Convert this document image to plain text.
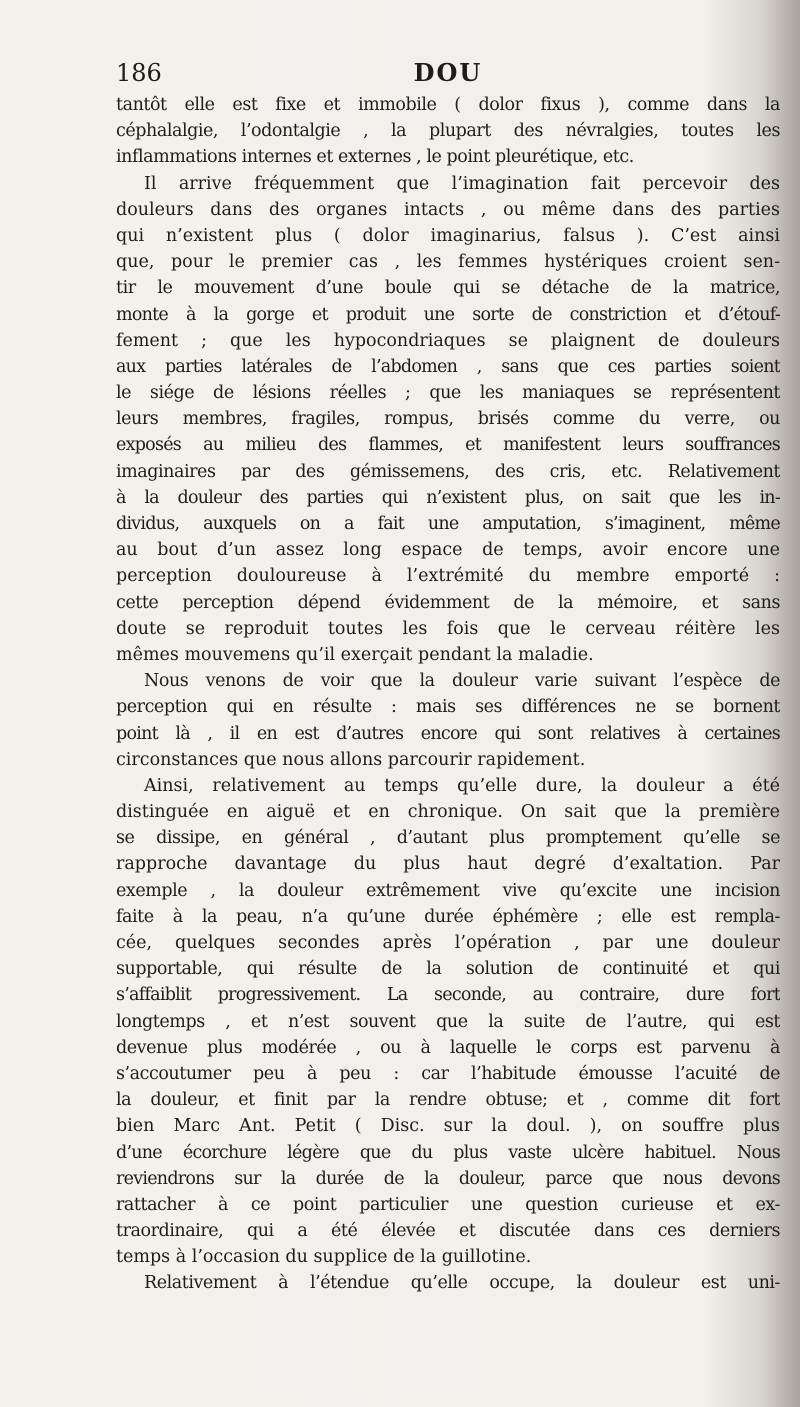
186	DOU
tantôt elle est fixe et immobile ( dolor fixus ), comme dans la
céphalalgie, l’odontalgie , la plupart des névralgies, toutes les
inflammations internes et externes , le point pleurétique, etc.
Il arrive fréquemment que l’imagination fait percevoir des
douleurs dans des organes intacts , ou même dans des parties
qui n’existent plus ( dolor imaginarius, falsus ). C’est ainsi
que, pour le premier cas , les femmes hystériques croient sen-
tir le mouvement d’une boule qui se détache de la matrice,
monte à la gorge et produit une sorte de constriction et d’étouf-
fement ; que les hypocondriaques se plaignent de douleurs
aux parties latérales de l’abdomen , sans que ces parties soient
le siége de lésions réelles ; que les maniaques se représentent
leurs membres, fragiles, rompus, brisés comme du verre, ou
exposés au milieu des flammes, et manifestent leurs souffrances
imaginaires par des gémissemens, des cris, etc. Relativement
à la douleur des parties qui n’existent plus, on sait que les in-
dividus, auxquels on a fait une amputation, s’imaginent, même
au bout d’un assez long espace de temps, avoir encore une
perception douloureuse à l’extrémité du membre emporté :
cette perception dépend évidemment de la mémoire, et sans
doute se reproduit toutes les fois que le cerveau réitère les
mêmes mouvemens qu’il exerçait pendant la maladie.
Nous venons de voir que la douleur varie suivant l’espèce de
perception qui en résulte : mais ses différences ne se bornent
point là , il en est d’autres encore qui sont relatives à certaines
circonstances que nous allons parcourir rapidement.
Ainsi, relativement au temps qu’elle dure, la douleur a été
distinguée en aiguë et en chronique. On sait que la première
se dissipe, en général , d’autant plus promptement qu’elle se
rapproche davantage du plus haut degré d’exaltation. Par
exemple , la douleur extrêmement vive qu’excite une incision
faite à la peau, n’a qu’une durée éphémère ; elle est rempla-
cée, quelques secondes après l’opération , par une douleur
supportable, qui résulte de la solution de continuité et qui
s’affaiblit progressivement. La seconde, au contraire, dure fort
longtemps , et n’est souvent que la suite de l’autre, qui est
devenue plus modérée , ou à laquelle le corps est parvenu à
s’accoutumer peu à peu : car l’habitude émousse l’acuité de
la douleur, et finit par la rendre obtuse; et , comme dit fort
bien Marc Ant. Petit ( Disc. sur la doul. ), on souffre plus
d’une écorchure légère que du plus vaste ulcère habituel. Nous
reviendrons sur la durée de la douleur, parce que nous devons
rattacher à ce point particulier une question curieuse et ex-
traordinaire, qui a été élevée et discutée dans ces derniers
temps à l’occasion du supplice de la guillotine.
Relativement à l’étendue qu’elle occupe, la douleur est uni-
